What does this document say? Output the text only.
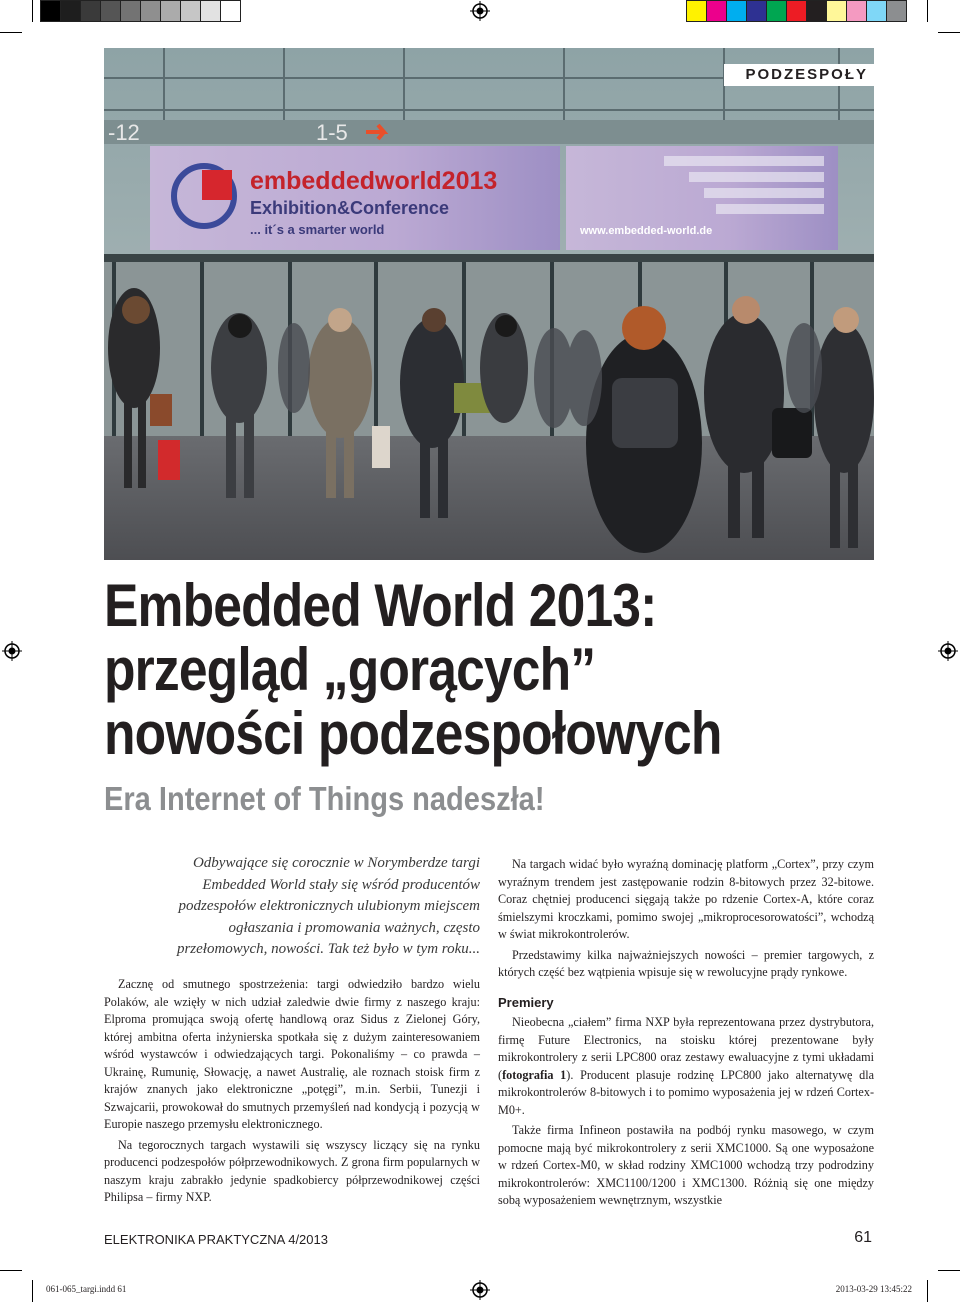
-12	1-5
embeddedworld2013
Exhibition&Conference
... it´s a smarter world	www.embedded-world.de
PODZESPOŁY
Embedded World 2013:
przegląd „gorących”
nowości podzespołowych
Era Internet of Things nadeszła!

Odbywające się corocznie w Norymberdze targi

Embedded World stały się wśród producentów

podzespołów elektronicznych ulubionym miejscem

ogłaszania i promowania ważnych, często

przełomowych, nowości. Tak też było w tym roku...

Zacznę od smutnego spostrzeżenia: targi odwiedziło bardzo wielu Polaków, ale wzięły w nich udział zaledwie dwie firmy z naszego kraju: Elproma promująca swoją ofertę handlową oraz Sidus z Zielonej Góry, której ambitna oferta inżynierska spotkała się z dużym zainteresowaniem wśród wystawców i odwiedzających targi. Pokonaliśmy – co prawda – Ukrainę, Rumunię, Słowację, a nawet Australię, ale roznach stoisk firm z krajów znanych jako elektroniczne „potęgi”, m.in. Serbii, Tunezji i Szwajcarii, prowokował do smutnych przemyśleń nad kondycją i pozycją w Europie naszego przemysłu elektronicznego.

Na tegorocznych targach wystawili się wszyscy liczący się na rynku producenci podzespołów półprzewodnikowych. Z grona firm popularnych w naszym kraju zabrakło jedynie spadkobiercy półprzewodnikowej części Philipsa – firmy NXP.

Na targach widać było wyraźną dominację platform „Cortex”, przy czym wyraźnym trendem jest zastępowanie rodzin 8-bitowych przez 32-bitowe. Coraz chętniej producenci sięgają także po rdzenie Cortex-A, które coraz śmielszymi kroczkami, pomimo swojej „mikroprocesorowatości”, wchodzą w świat mikrokontrolerów.

Przedstawimy kilka najważniejszych nowości – premier targowych, z których część bez wątpienia wpisuje się w rewolucyjne prądy rynkowe.

Premiery

Nieobecna „ciałem” firma NXP była reprezentowana przez dystrybutora, firmę Future Electronics, na stoisku której prezentowane były mikrokontrolery z serii LPC800 oraz zestawy ewaluacyjne z tymi układami (fotografia 1). Producent plasuje rodzinę LPC800 jako alternatywę dla mikrokontrolerów 8-bitowych i to pomimo wyposażenia jej w rdzeń Cortex-M0+.

Także firma Infineon postawiła na podbój rynku masowego, w czym pomocne mają być mikrokontrolery z serii XMC1000. Są one wyposażone w rdzeń Cortex-M0, w skład rodziny XMC1000 wchodzą trzy podrodziny mikrokontrolerów: XMC1100/1200 i XMC1300. Różnią się one między sobą wyposażeniem wewnętrznym, wszystkie

ELEKTRONIKA PRAKTYCZNA 4/2013	61
061-065_targi.indd 61	2013-03-29 13:45:22
